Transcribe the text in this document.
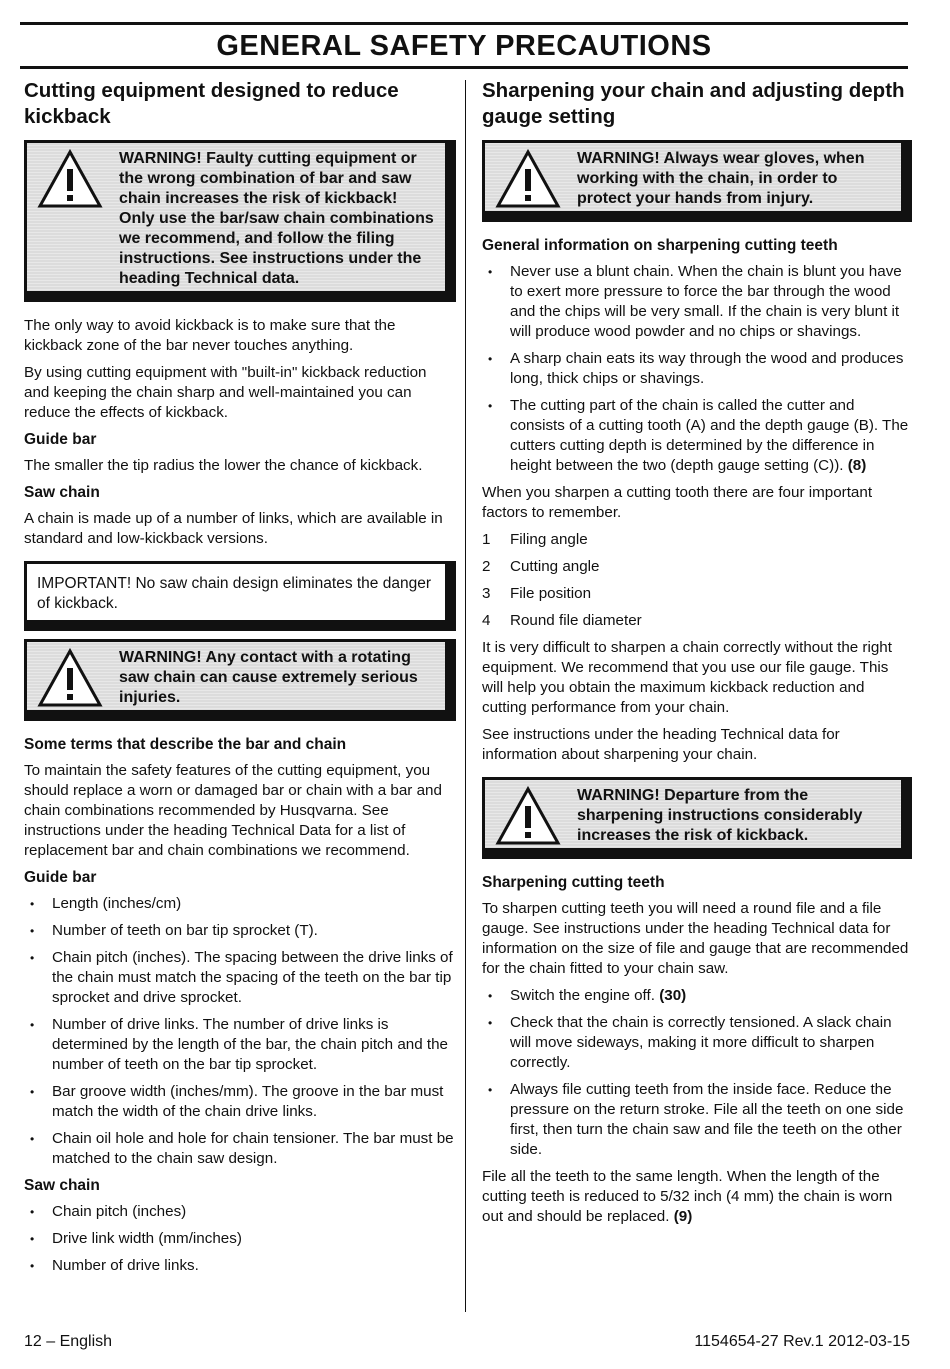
GENERAL SAFETY PRECAUTIONS
Cutting equipment designed to reduce kickback
WARNING! Faulty cutting equipment or the wrong combination of bar and saw chain increases the risk of kickback! Only use the bar/saw chain combinations we recommend, and follow the filing instructions. See instructions under the heading Technical data.

The only way to avoid kickback is to make sure that the kickback zone of the bar never touches anything.

By using cutting equipment with "built-in" kickback reduction and keeping the chain sharp and well-maintained you can reduce the effects of kickback.

Guide bar

The smaller the tip radius the lower the chance of kickback.

Saw chain

A chain is made up of a number of links, which are available in standard and low-kickback versions.

IMPORTANT! No saw chain design eliminates the danger of kickback.
WARNING! Any contact with a rotating saw chain can cause extremely serious injuries.
Some terms that describe the bar and chain

To maintain the safety features of the cutting equipment, you should replace a worn or damaged bar or chain with a bar and chain combinations recommended by Husqvarna. See instructions under the heading Technical Data for a list of replacement bar and chain combinations we recommend.

Guide bar
• Length (inches/cm)
• Number of teeth on bar tip sprocket (T).
• Chain pitch (inches). The spacing between the drive links of the chain must match the spacing of the teeth on the bar tip sprocket and drive sprocket.
• Number of drive links. The number of drive links is determined by the length of the bar, the chain pitch and the number of teeth on the bar tip sprocket.
• Bar groove width (inches/mm). The groove in the bar must match the width of the chain drive links.
• Chain oil hole and hole for chain tensioner. The bar must be matched to the chain saw design.
Saw chain
• Chain pitch (inches)
• Drive link width (mm/inches)
• Number of drive links.
Sharpening your chain and adjusting depth gauge setting
WARNING! Always wear gloves, when working with the chain, in order to protect your hands from injury.
General information on sharpening cutting teeth
• Never use a blunt chain. When the chain is blunt you have to exert more pressure to force the bar through the wood and the chips will be very small. If the chain is very blunt it will produce wood powder and no chips or shavings.
• A sharp chain eats its way through the wood and produces long, thick chips or shavings.
• The cutting part of the chain is called the cutter and consists of a cutting tooth (A) and the depth gauge (B). The cutters cutting depth is determined by the difference in height between the two (depth gauge setting (C)). (8)

When you sharpen a cutting tooth there are four important factors to remember.

1 Filing angle
2 Cutting angle
3 File position
4 Round file diameter

It is very difficult to sharpen a chain correctly without the right equipment. We recommend that you use our file gauge. This will help you obtain the maximum kickback reduction and cutting performance from your chain.

See instructions under the heading Technical data for information about sharpening your chain.

WARNING! Departure from the sharpening instructions considerably increases the risk of kickback.
Sharpening cutting teeth

To sharpen cutting teeth you will need a round file and a file gauge. See instructions under the heading Technical data for information on the size of file and gauge that are recommended for the chain fitted to your chain saw.

• Switch the engine off. (30)
• Check that the chain is correctly tensioned. A slack chain will move sideways, making it more difficult to sharpen correctly.
• Always file cutting teeth from the inside face. Reduce the pressure on the return stroke. File all the teeth on one side first, then turn the chain saw and file the teeth on the other side.

File all the teeth to the same length. When the length of the cutting teeth is reduced to 5/32 inch (4 mm) the chain is worn out and should be replaced. (9)

12 – English	1154654-27 Rev.1 2012-03-15
